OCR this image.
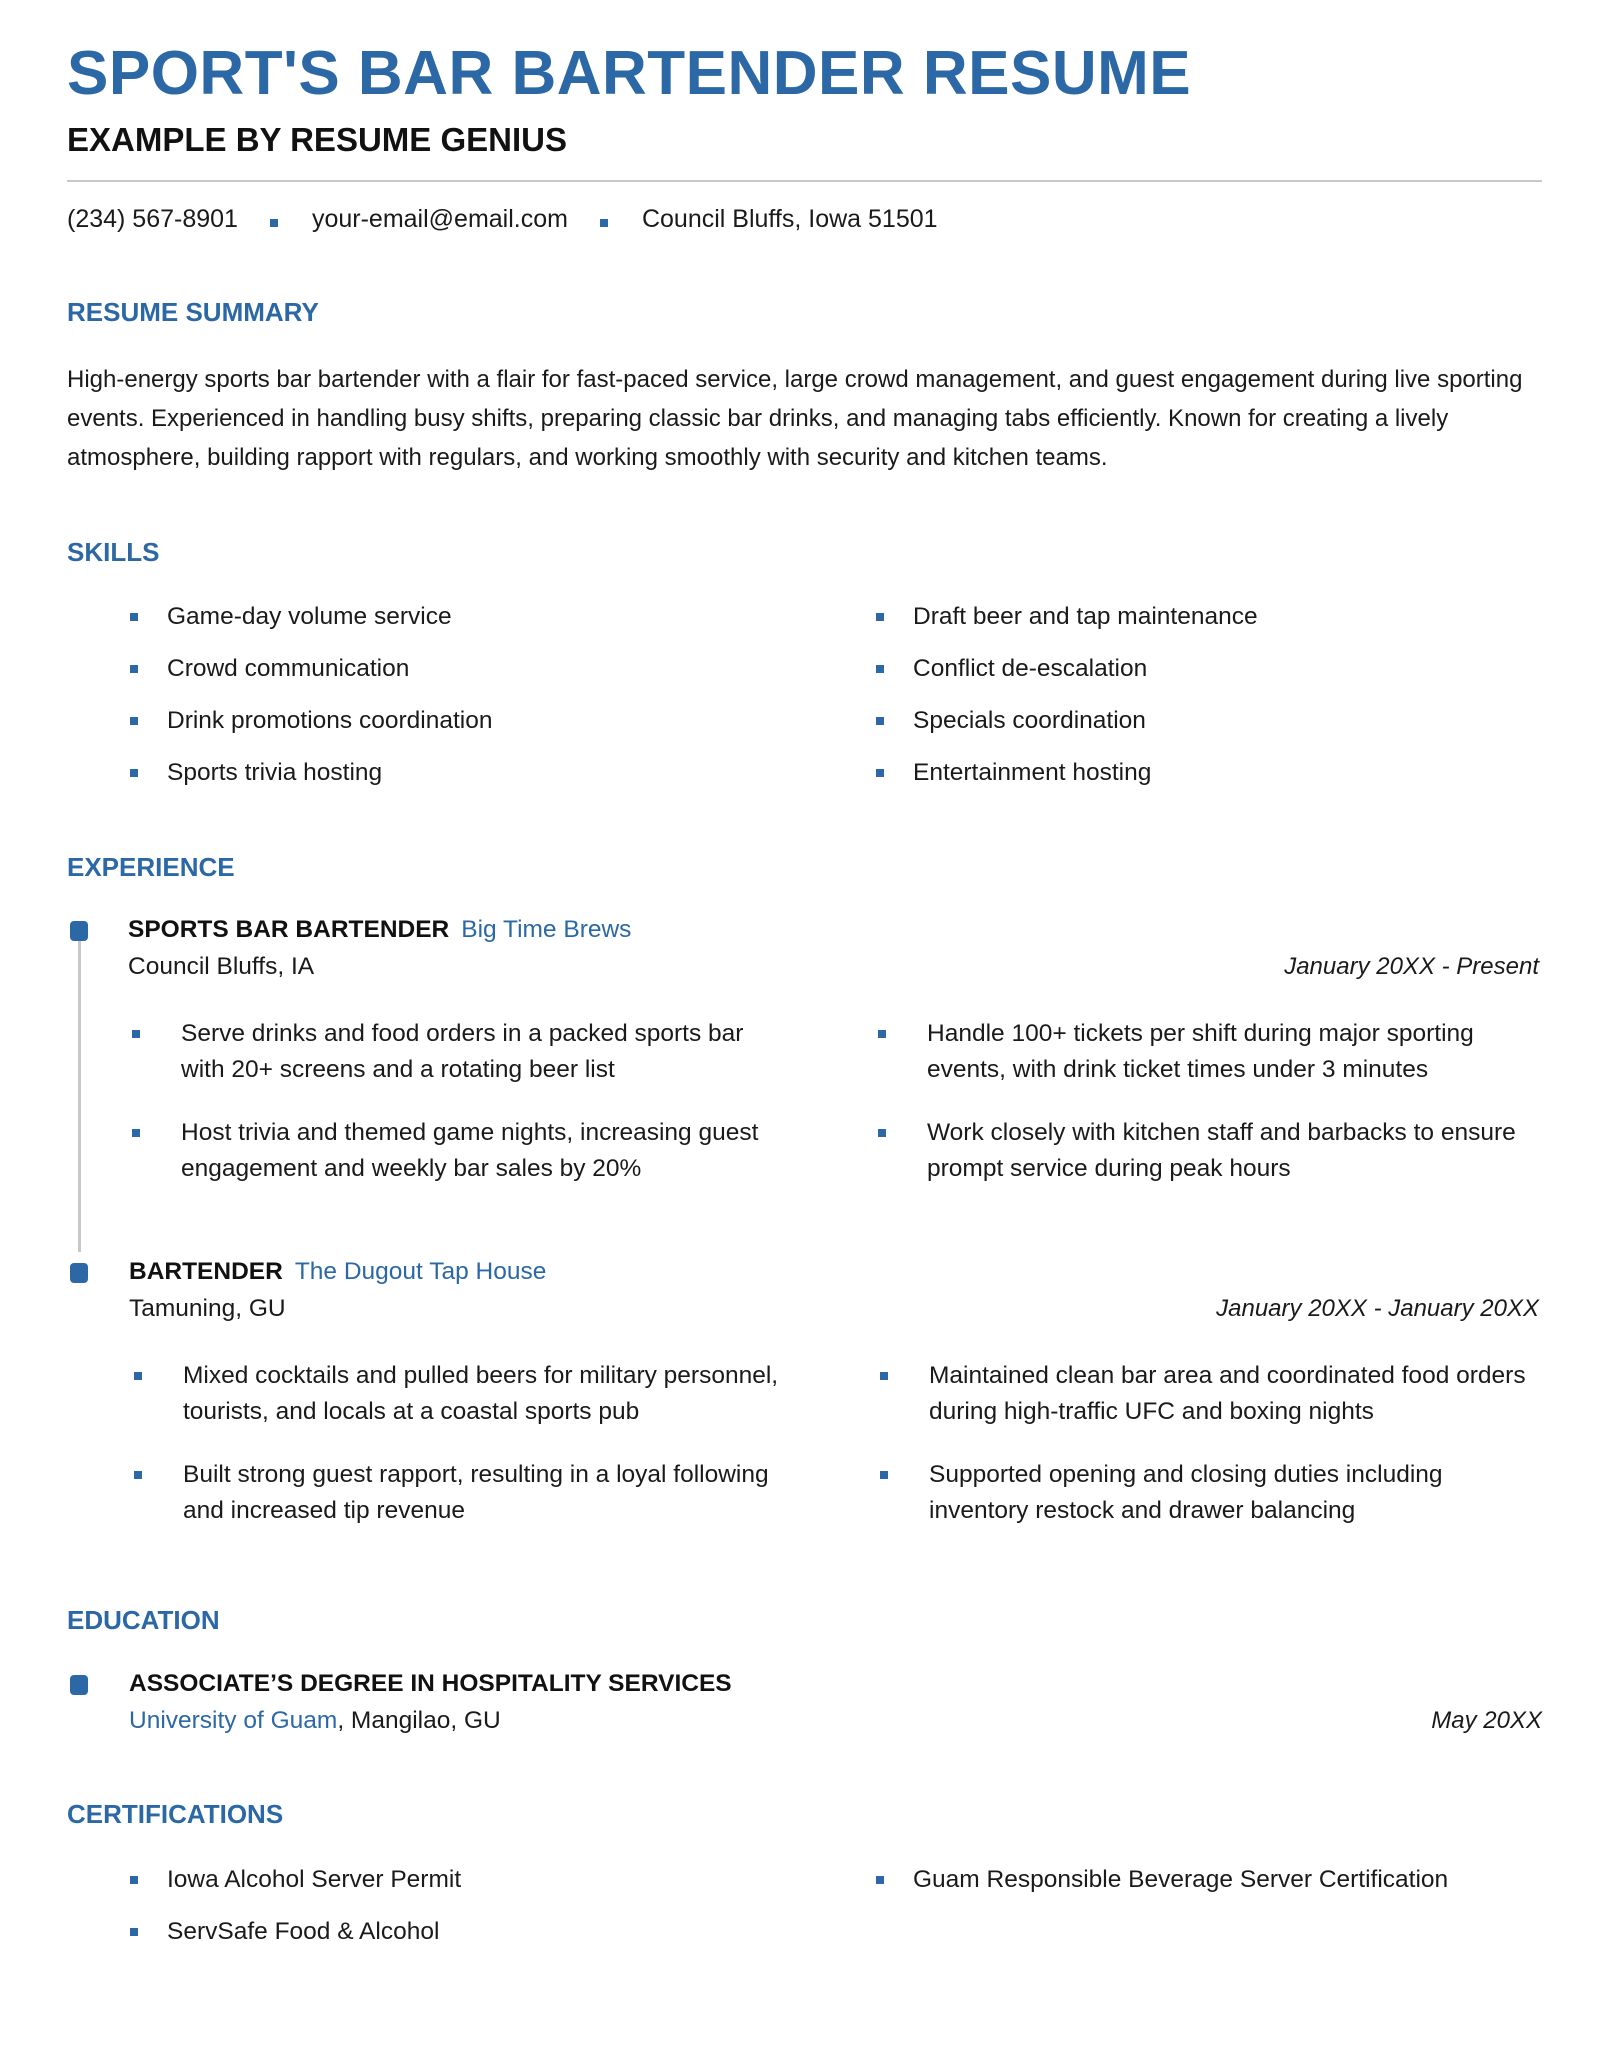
SPORT'S BAR BARTENDER RESUME
EXAMPLE BY RESUME GENIUS
(234) 567-8901	your-email@email.com	Council Bluffs, Iowa 51501
RESUME SUMMARY

High-energy sports bar bartender with a flair for fast-paced service, large crowd management, and guest engagement during live sporting events. Experienced in handling busy shifts, preparing classic bar drinks, and managing tabs efficiently. Known for creating a lively atmosphere, building rapport with regulars, and working smoothly with security and kitchen teams.

SKILLS
Game-day volume service
Crowd communication
Drink promotions coordination
Sports trivia hosting
Draft beer and tap maintenance
Conflict de-escalation
Specials coordination
Entertainment hosting
EXPERIENCE
SPORTS BAR BARTENDER Big Time Brews
Council Bluffs, IA	January 20XX - Present
Serve drinks and food orders in a packed sports bar with 20+ screens and a rotating beer list
Handle 100+ tickets per shift during major sporting events, with drink ticket times under 3 minutes
Host trivia and themed game nights, increasing guest engagement and weekly bar sales by 20%
Work closely with kitchen staff and barbacks to ensure prompt service during peak hours
BARTENDER The Dugout Tap House
Tamuning, GU	January 20XX - January 20XX
Mixed cocktails and pulled beers for military personnel, tourists, and locals at a coastal sports pub
Maintained clean bar area and coordinated food orders during high-traffic UFC and boxing nights
Built strong guest rapport, resulting in a loyal following and increased tip revenue
Supported opening and closing duties including inventory restock and drawer balancing
EDUCATION
ASSOCIATE’S DEGREE IN HOSPITALITY SERVICES
University of Guam, Mangilao, GU	May 20XX
CERTIFICATIONS
Iowa Alcohol Server Permit	Guam Responsible Beverage Server Certification
ServSafe Food & Alcohol
